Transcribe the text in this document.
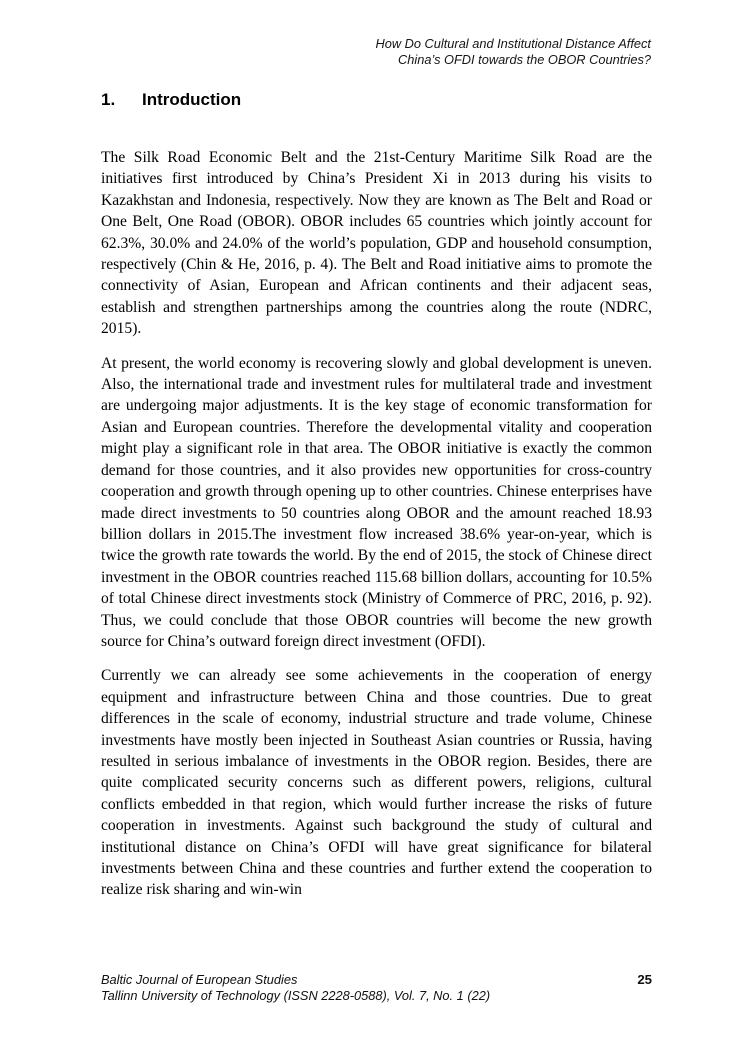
How Do Cultural and Institutional Distance Affect
China’s OFDI towards the OBOR Countries?
1.	Introduction

The Silk Road Economic Belt and the 21st-Century Maritime Silk Road are the initiatives first introduced by China’s President Xi in 2013 during his visits to Kazakhstan and Indonesia, respectively. Now they are known as The Belt and Road or One Belt, One Road (OBOR). OBOR includes 65 countries which jointly account for 62.3%, 30.0% and 24.0% of the world’s population, GDP and household consumption, respectively (Chin & He, 2016, p. 4). The Belt and Road initiative aims to promote the connectivity of Asian, European and African continents and their adjacent seas, establish and strengthen partnerships among the countries along the route (NDRC, 2015).

At present, the world economy is recovering slowly and global development is uneven. Also, the international trade and investment rules for multilateral trade and investment are undergoing major adjustments. It is the key stage of economic transformation for Asian and European countries. Therefore the developmental vitality and cooperation might play a significant role in that area. The OBOR initiative is exactly the common demand for those countries, and it also provides new opportunities for cross-country cooperation and growth through opening up to other countries. Chinese enterprises have made direct investments to 50 countries along OBOR and the amount reached 18.93 billion dollars in 2015.The investment flow increased 38.6% year-on-year, which is twice the growth rate towards the world. By the end of 2015, the stock of Chinese direct investment in the OBOR countries reached 115.68 billion dollars, accounting for 10.5% of total Chinese direct investments stock (Ministry of Commerce of PRC, 2016, p. 92). Thus, we could conclude that those OBOR countries will become the new growth source for China’s outward foreign direct investment (OFDI).

Currently we can already see some achievements in the cooperation of energy equipment and infrastructure between China and those countries. Due to great differences in the scale of economy, industrial structure and trade volume, Chinese investments have mostly been injected in Southeast Asian countries or Russia, having resulted in serious imbalance of investments in the OBOR region. Besides, there are quite complicated security concerns such as different powers, religions, cultural conflicts embedded in that region, which would further increase the risks of future cooperation in investments. Against such background the study of cultural and institutional distance on China’s OFDI will have great significance for bilateral investments between China and these countries and further extend the cooperation to realize risk sharing and win-win

Baltic Journal of European Studies
Tallinn University of Technology (ISSN 2228-0588), Vol. 7, No. 1 (22)
25
